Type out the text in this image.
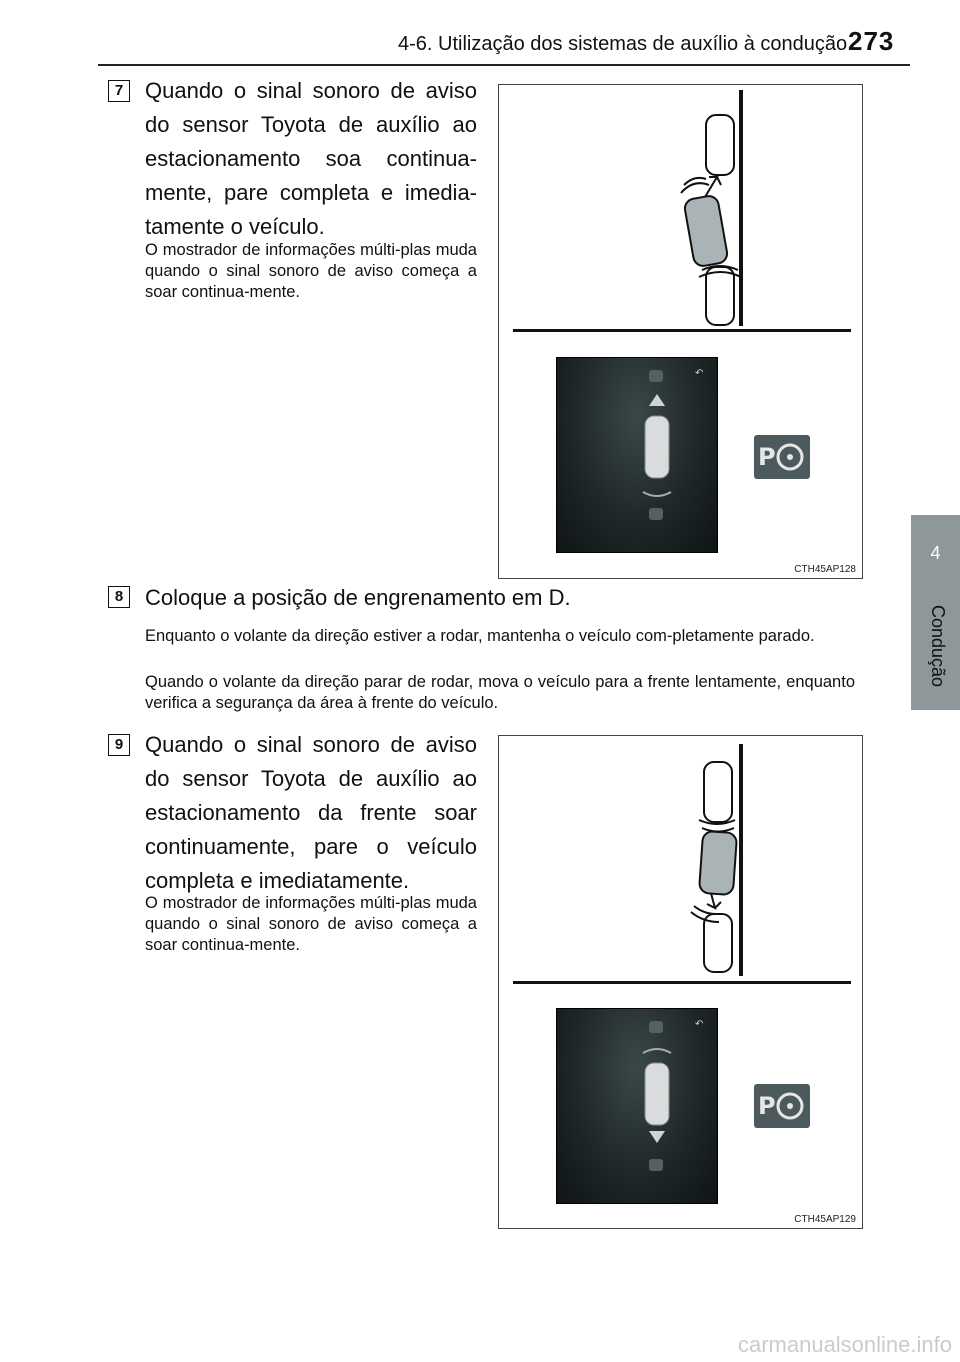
4-6. Utilização dos sistemas de auxílio à condução 273
4
Condução
7 Quando o sinal sonoro de aviso do sensor Toyota de auxílio ao estacionamento soa continua-mente, pare completa e imedia-tamente o veículo.
O mostrador de informações múlti-plas muda quando o sinal sonoro de aviso começa a soar continua-mente.
↶
P
CTH45AP128
8 Coloque a posição de engrenamento em D.
Enquanto o volante da direção estiver a rodar, mantenha o veículo com-pletamente parado.
Quando o volante da direção parar de rodar, mova o veículo para a frente lentamente, enquanto verifica a segurança da área à frente do veículo.
9 Quando o sinal sonoro de aviso do sensor Toyota de auxílio ao estacionamento da frente soar continuamente, pare o veículo completa e imediatamente.
O mostrador de informações múlti-plas muda quando o sinal sonoro de aviso começa a soar continua-mente.
↶
P
CTH45AP129
carmanualsonline.info
